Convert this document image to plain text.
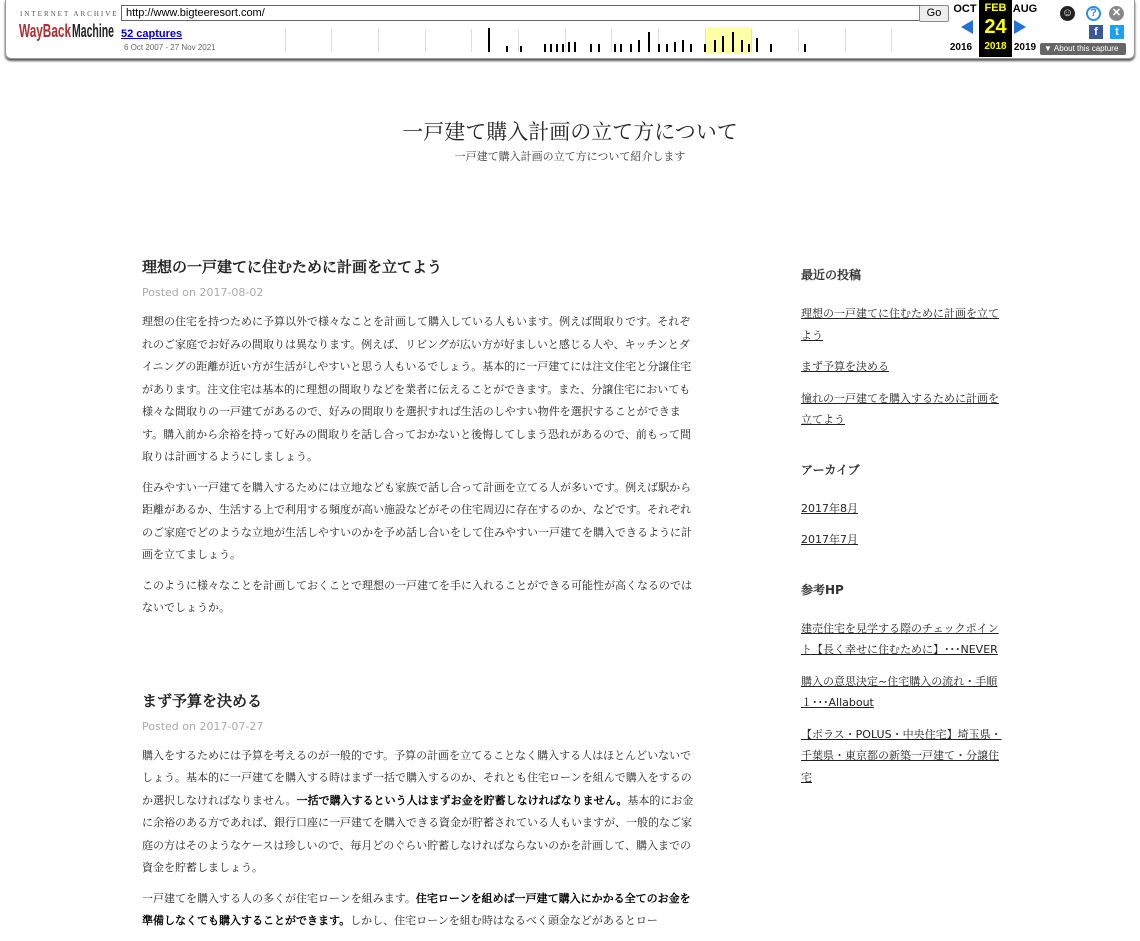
INTERNET ARCHIVE
WayBack Machine
http://www.bigteeresort.com/	Go
52 captures
6 Oct 2007 - 27 Nov 2021
OCT
2016
FEB
24
2018
AUG
2019
☺	?	✕
f	t
▼ About this capture
一戸建て購入計画の立て方について
一戸建て購入計画の立て方について紹介します
理想の一戸建てに住むために計画を立てよう
Posted on 2017-08-02

理想の住宅を持つために予算以外で様々なことを計画して購入している人もいます。例えば間取りです。それぞれのご家庭でお好みの間取りは異なります。例えば、リビングが広い方が好ましいと感じる人や、キッチンとダイニングの距離が近い方が生活がしやすいと思う人もいるでしょう。基本的に一戸建てには注文住宅と分譲住宅があります。注文住宅は基本的に理想の間取りなどを業者に伝えることができます。また、分譲住宅においても様々な間取りの一戸建てがあるので、好みの間取りを選択すれば生活のしやすい物件を選択することができます。購入前から余裕を持って好みの間取りを話し合っておかないと後悔してしまう恐れがあるので、前もって間取りは計画するようにしましょう。

住みやすい一戸建てを購入するためには立地なども家族で話し合って計画を立てる人が多いです。例えば駅から距離があるか、生活する上で利用する頻度が高い施設などがその住宅周辺に存在するのか、などです。それぞれのご家庭でどのような立地が生活しやすいのかを予め話し合いをして住みやすい一戸建てを購入できるように計画を立てましょう。

このように様々なことを計画しておくことで理想の一戸建てを手に入れることができる可能性が高くなるのではないでしょうか。

まず予算を決める
Posted on 2017-07-27

購入をするためには予算を考えるのが一般的です。予算の計画を立てることなく購入する人はほとんどいないでしょう。基本的に一戸建てを購入する時はまず一括で購入するのか、それとも住宅ローンを組んで購入をするのか選択しなければなりません。一括で購入するという人はまずお金を貯蓄しなければなりません。基本的にお金に余裕のある方であれば、銀行口座に一戸建てを購入できる資金が貯蓄されている人もいますが、一般的なご家庭の方はそのようなケースは珍しいので、毎月どのぐらい貯蓄しなければならないのかを計画して、購入までの資金を貯蓄しましょう。

一戸建てを購入する人の多くが住宅ローンを組みます。住宅ローンを組めば一戸建て購入にかかる全てのお金を準備しなくても購入することができます。しかし、住宅ローンを組む時はなるべく頭金などがあるとロー

最近の投稿
理想の一戸建てに住むために計画を立てよう
まず予算を決める
憧れの一戸建てを購入するために計画を立てよう
アーカイブ
2017年8月
2017年7月
参考HP
建売住宅を見学する際のチェックポイント【長く幸せに住むために】･･･NEVER
購入の意思決定~住宅購入の流れ・手順１･･･Allabout
【ポラス・POLUS・中央住宅】埼玉県・千葉県・東京都の新築一戸建て・分譲住宅
